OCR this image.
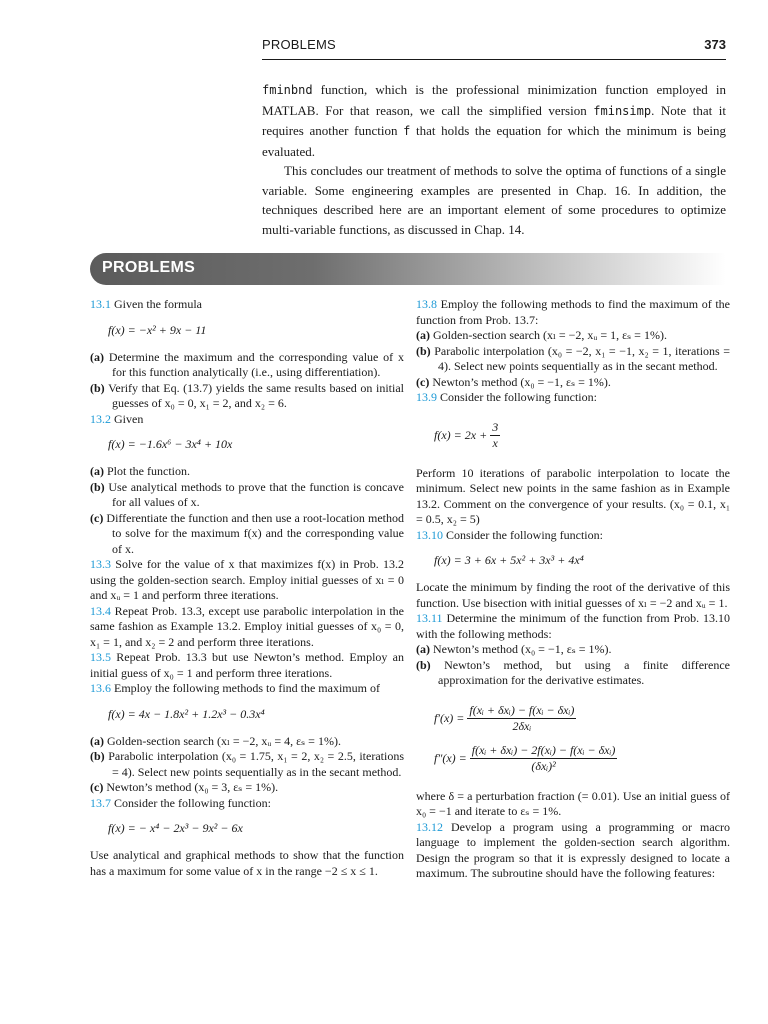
PROBLEMS	373

fminbnd function, which is the professional minimization function employed in MATLAB. For that reason, we call the simplified version fminsimp. Note that it requires another function f that holds the equation for which the minimum is being evaluated.

This concludes our treatment of methods to solve the optima of functions of a single variable. Some engineering examples are presented in Chap. 16. In addition, the techniques described here are an important element of some procedures to optimize multi-variable functions, as discussed in Chap. 14.

PROBLEMS

13.1 Given the formula

f(x) = −x² + 9x − 11
(a) Determine the maximum and the corresponding value of x for this function analytically (i.e., using differentiation).
(b) Verify that Eq. (13.7) yields the same results based on initial guesses of x₀ = 0, x₁ = 2, and x₂ = 6.

13.2 Given

f(x) = −1.6x⁶ − 3x⁴ + 10x
(a) Plot the function.
(b) Use analytical methods to prove that the function is concave for all values of x.
(c) Differentiate the function and then use a root-location method to solve for the maximum f(x) and the corresponding value of x.

13.3 Solve for the value of x that maximizes f(x) in Prob. 13.2 using the golden-section search. Employ initial guesses of xₗ = 0 and xᵤ = 1 and perform three iterations.

13.4 Repeat Prob. 13.3, except use parabolic interpolation in the same fashion as Example 13.2. Employ initial guesses of x₀ = 0, x₁ = 1, and x₂ = 2 and perform three iterations.

13.5 Repeat Prob. 13.3 but use Newton’s method. Employ an initial guess of x₀ = 1 and perform three iterations.

13.6 Employ the following methods to find the maximum of

f(x) = 4x − 1.8x² + 1.2x³ − 0.3x⁴
(a) Golden-section search (xₗ = −2, xᵤ = 4, εₛ = 1%).
(b) Parabolic interpolation (x₀ = 1.75, x₁ = 2, x₂ = 2.5, iterations = 4). Select new points sequentially as in the secant method.
(c) Newton’s method (x₀ = 3, εₛ = 1%).

13.7 Consider the following function:

f(x) = − x⁴ − 2x³ − 9x² − 6x

Use analytical and graphical methods to show that the function has a maximum for some value of x in the range −2 ≤ x ≤ 1.

13.8 Employ the following methods to find the maximum of the function from Prob. 13.7:

(a) Golden-section search (xₗ = −2, xᵤ = 1, εₛ = 1%).
(b) Parabolic interpolation (x₀ = −2, x₁ = −1, x₂ = 1, iterations = 4). Select new points sequentially as in the secant method.
(c) Newton’s method (x₀ = −1, εₛ = 1%).

13.9 Consider the following function:

$f(x) = 2x + \frac{3}{x}$

Perform 10 iterations of parabolic interpolation to locate the minimum. Select new points in the same fashion as in Example 13.2. Comment on the convergence of your results. (x₀ = 0.1, x₁ = 0.5, x₂ = 5)

13.10 Consider the following function:

f(x) = 3 + 6x + 5x² + 3x³ + 4x⁴

Locate the minimum by finding the root of the derivative of this function. Use bisection with initial guesses of xₗ = −2 and xᵤ = 1.

13.11 Determine the minimum of the function from Prob. 13.10 with the following methods:

(a) Newton’s method (x₀ = −1, εₛ = 1%).
(b) Newton’s method, but using a finite difference approximation for the derivative estimates.
$f'(x) = \frac{\text{f(xᵢ + δxᵢ) − f(xᵢ − δxᵢ)}}{\text{2δxᵢ}}$
$f''(x) = \frac{\text{f(xᵢ + δxᵢ) − 2f(xᵢ) − f(xᵢ − δxᵢ)}}{\text{(δxᵢ)²}}$

where δ = a perturbation fraction (= 0.01). Use an initial guess of x₀ = −1 and iterate to εₛ = 1%.

13.12 Develop a program using a programming or macro language to implement the golden-section search algorithm. Design the program so that it is expressly designed to locate a maximum. The subroutine should have the following features:
